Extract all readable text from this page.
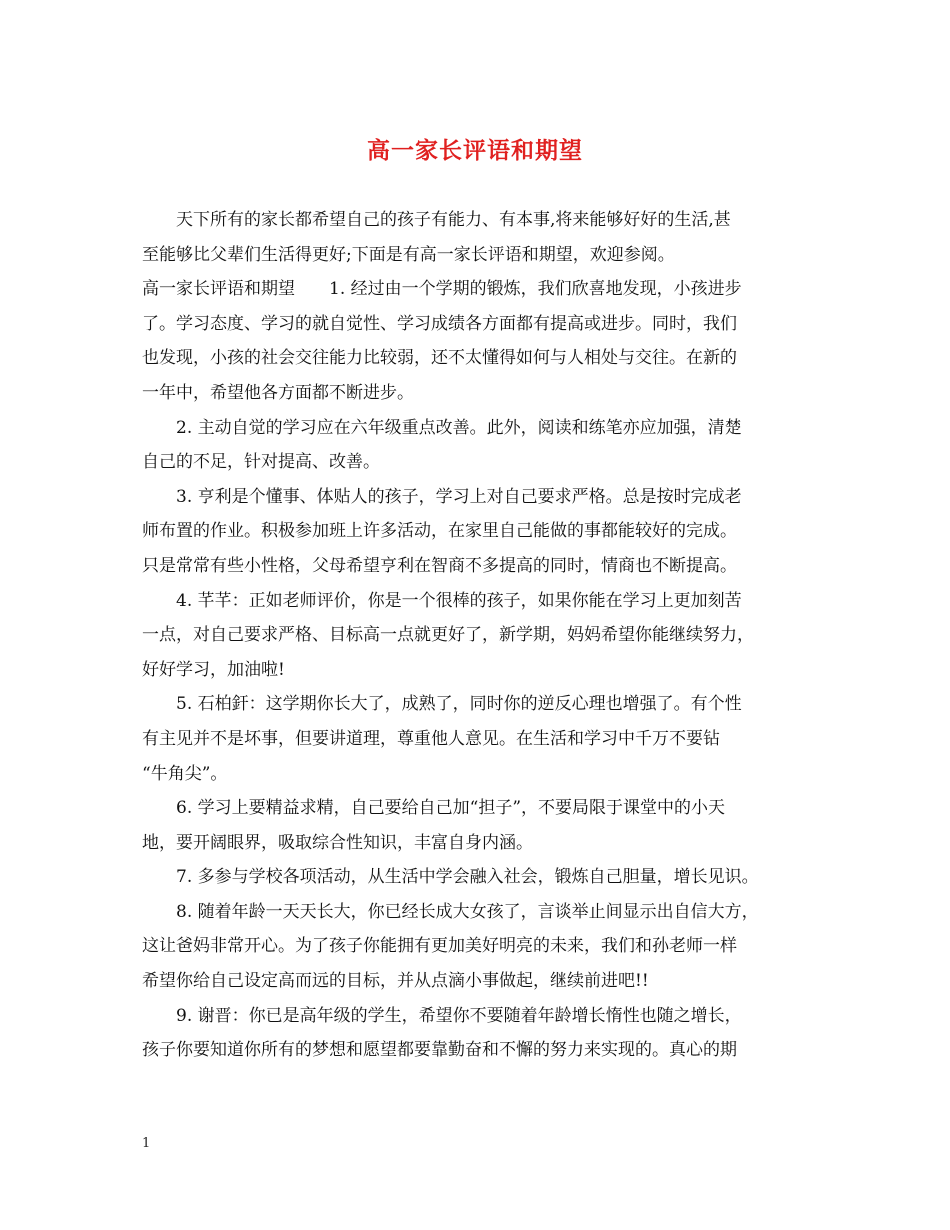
高一家长评语和期望
　　天下所有的家长都希望自己的孩子有能力、有本事,将来能够好好的生活,甚
至能够比父辈们生活得更好;下面是有高一家长评语和期望，欢迎参阅。
高一家长评语和期望　　1. 经过由一个学期的锻炼，我们欣喜地发现，小孩进步
了。学习态度、学习的就自觉性、学习成绩各方面都有提高或进步。同时，我们
也发现，小孩的社会交往能力比较弱，还不太懂得如何与人相处与交往。在新的
一年中，希望他各方面都不断进步。
　　2. 主动自觉的学习应在六年级重点改善。此外，阅读和练笔亦应加强，清楚
自己的不足，针对提高、改善。
　　3. 亨利是个懂事、体贴人的孩子，学习上对自己要求严格。总是按时完成老
师布置的作业。积极参加班上许多活动，在家里自己能做的事都能较好的完成。
只是常常有些小性格，父母希望亨利在智商不多提高的同时，情商也不断提高。
　　4. 芊芊：正如老师评价，你是一个很棒的孩子，如果你能在学习上更加刻苦
一点，对自己要求严格、目标高一点就更好了，新学期，妈妈希望你能继续努力，
好好学习，加油啦!
　　5. 石柏釬：这学期你长大了，成熟了，同时你的逆反心理也增强了。有个性
有主见并不是坏事，但要讲道理，尊重他人意见。在生活和学习中千万不要钻
“牛角尖”。
　　6. 学习上要精益求精，自己要给自己加“担子”，不要局限于课堂中的小天
地，要开阔眼界，吸取综合性知识，丰富自身内涵。
　　7. 多参与学校各项活动，从生活中学会融入社会，锻炼自己胆量，增长见识。
　　8. 随着年龄一天天长大，你已经长成大女孩了，言谈举止间显示出自信大方，
这让爸妈非常开心。为了孩子你能拥有更加美好明亮的未来，我们和孙老师一样
希望你给自己设定高而远的目标，并从点滴小事做起，继续前进吧!!
　　9. 谢晋：你已是高年级的学生，希望你不要随着年龄增长惰性也随之增长，
孩子你要知道你所有的梦想和愿望都要靠勤奋和不懈的努力来实现的。真心的期
1
